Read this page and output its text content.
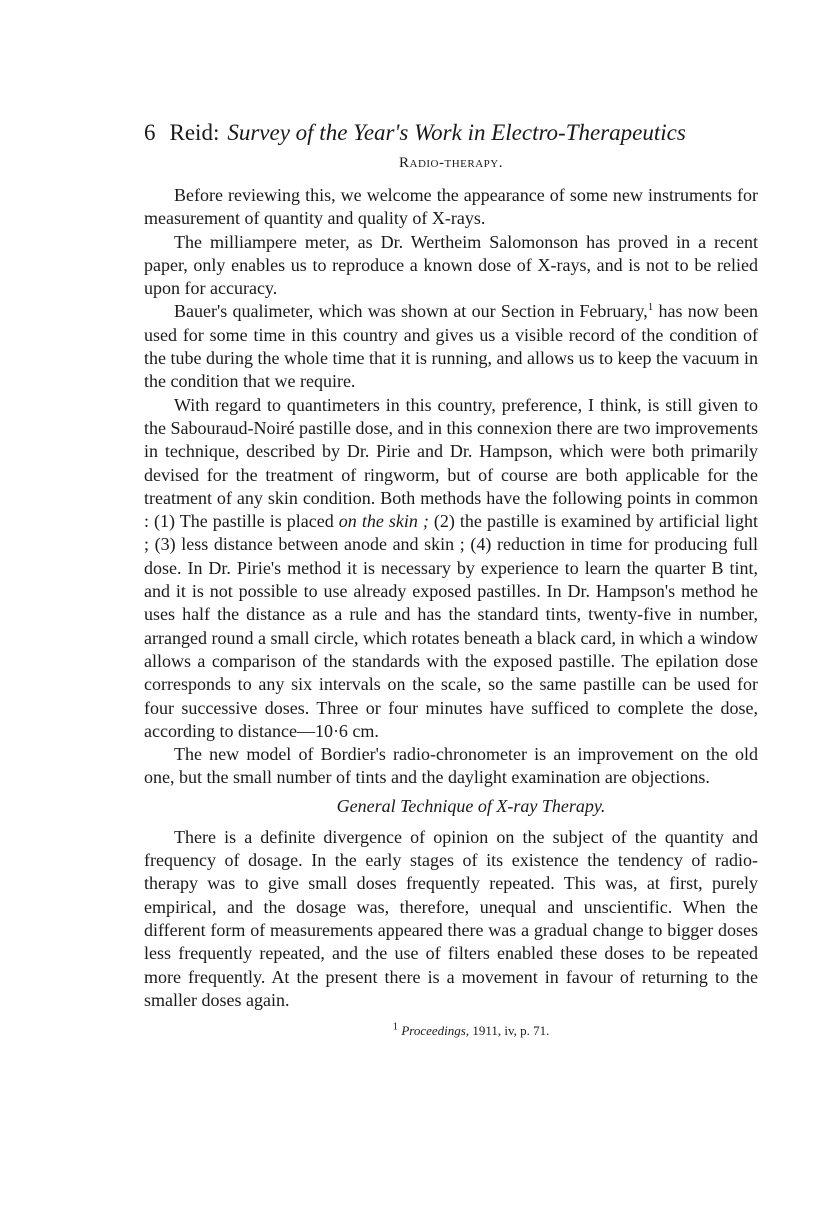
6 Reid: Survey of the Year's Work in Electro-Therapeutics
Radio-therapy.

Before reviewing this, we welcome the appearance of some new instruments for measurement of quantity and quality of X-rays.

The milliampere meter, as Dr. Wertheim Salomonson has proved in a recent paper, only enables us to reproduce a known dose of X-rays, and is not to be relied upon for accuracy.

Bauer's qualimeter, which was shown at our Section in February,$^1$ has now been used for some time in this country and gives us a visible record of the condition of the tube during the whole time that it is running, and allows us to keep the vacuum in the condition that we require.

With regard to quantimeters in this country, preference, I think, is still given to the Sabouraud-Noiré pastille dose, and in this connexion there are two improvements in technique, described by Dr. Pirie and Dr. Hampson, which were both primarily devised for the treatment of ringworm, but of course are both applicable for the treatment of any skin condition. Both methods have the following points in common : (1) The pastille is placed on the skin ; (2) the pastille is examined by artificial light ; (3) less distance between anode and skin ; (4) reduction in time for producing full dose. In Dr. Pirie's method it is necessary by experience to learn the quarter B tint, and it is not possible to use already exposed pastilles. In Dr. Hampson's method he uses half the distance as a rule and has the standard tints, twenty-five in number, arranged round a small circle, which rotates beneath a black card, in which a window allows a comparison of the standards with the exposed pastille. The epilation dose corresponds to any six intervals on the scale, so the same pastille can be used for four successive doses. Three or four minutes have sufficed to complete the dose, according to distance—10·6 cm.

The new model of Bordier's radio-chronometer is an improvement on the old one, but the small number of tints and the daylight examination are objections.

General Technique of X-ray Therapy.

There is a definite divergence of opinion on the subject of the quantity and frequency of dosage. In the early stages of its existence the tendency of radio-therapy was to give small doses frequently repeated. This was, at first, purely empirical, and the dosage was, therefore, unequal and unscientific. When the different form of measurements appeared there was a gradual change to bigger doses less frequently repeated, and the use of filters enabled these doses to be repeated more frequently. At the present there is a movement in favour of returning to the smaller doses again.

$^1$ Proceedings, 1911, iv, p. 71.
